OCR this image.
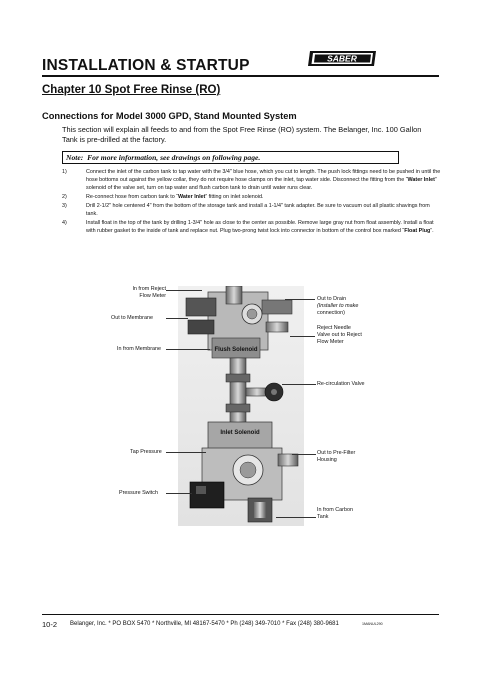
INSTALLATION & STARTUP	SABER
Chapter 10 Spot Free Rinse (RO)
Connections for Model 3000 GPD, Stand Mounted System
This section will explain all feeds to and from the Spot Free Rinse (RO) system. The Belanger, Inc. 100 Gallon Tank is pre-drilled at the factory.
Note: For more information, see drawings on following page.
1)	Connect the inlet of the carbon tank to tap water with the 3/4" blue hose, which you cut to length. The push lock fittings need to be pushed in until the hose bottoms out against the yellow collar, they do not require hose clamps on the inlet, tap water side. Disconnect the fitting from the “Water Inlet” solenoid of the valve set, turn on tap water and flush carbon tank to drain until water runs clear.
2)	Re-connect hose from carbon tank to “Water Inlet” fitting on inlet solenoid.
3)	Drill 2-1/2" hole centered 4" from the bottom of the storage tank and install a 1-1/4" tank adapter. Be sure to vacuum out all plastic shavings from tank.
4)	Install float in the top of the tank by drilling 1-3/4" hole as close to the center as possible. Remove large gray nut from float assembly. Install a float with rubber gasket to the inside of tank and replace nut. Plug two-prong twist lock into connector in bottom of the control box marked “Float Plug”.
Flush Solenoid
Inlet Solenoid
In from Reject
Flow Meter
Out to Membrane
In from Membrane
Tap Pressure
Pressure Switch
Out to Drain
(Installer to make
connection)
Reject Needle
Valve out to Reject
Flow Meter
Re-circulation Valve
Out to Pre-Filter
Housing
In from Carbon
Tank
10-2 Belanger, Inc. * PO BOX 5470 * Northville, MI 48167-5470 * Ph (248) 349-7010 * Fax (248) 380-9681	1MANUL290
